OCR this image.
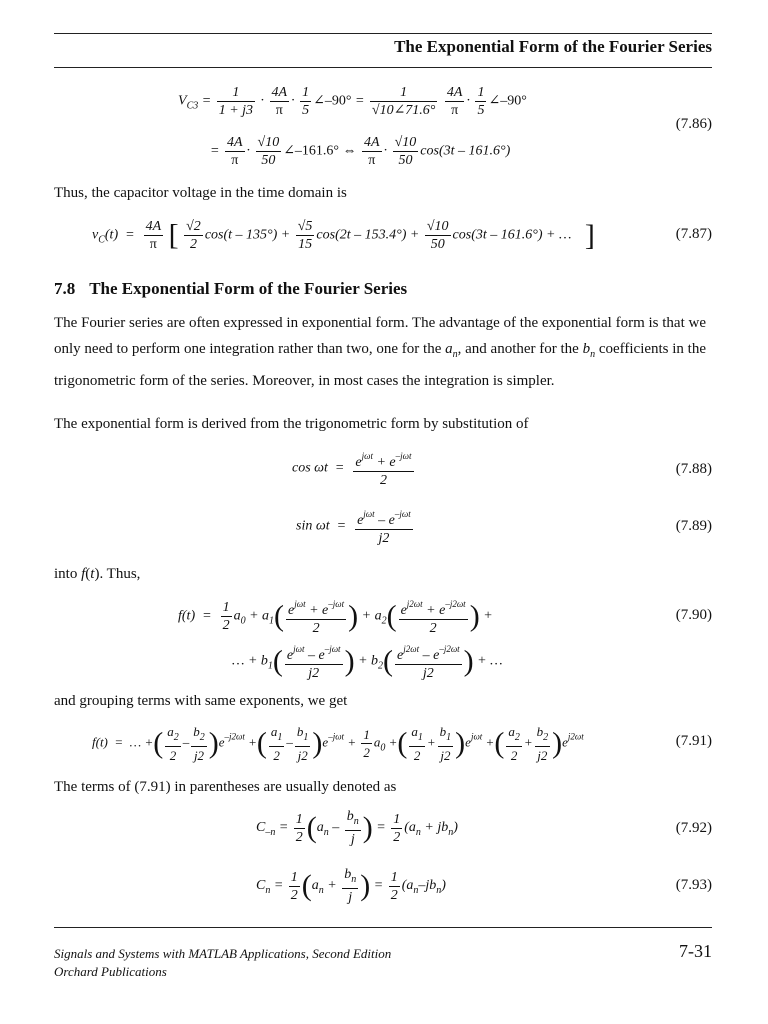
The Exponential Form of the Fourier Series
$V_{C3} = \frac{1}{1 + j3} \cdot \frac{4A}{\pi} \cdot \frac{1}{5}$ ∠–90° = $\frac{1}{√10\angle 71.6^\circ}$
$\frac{4A}{\pi} \cdot \frac{1}{5}$ ∠–90°
= $\frac{4A}{\pi} \cdot \frac{√10}{50}$ ∠–161.6° ⇔ $\frac{4A}{\pi} \cdot \frac{√10}{50} \cos(3t - 161.6^\circ)$
(7.86)
Thus, the capacitor voltage in the time domain is
$v_C(t) = \frac{4A}{\pi}$ [ $\frac{√2}{2} \cos(t - 135^\circ) + \frac{√5}{15} \cos(2t - 153.4^\circ) + \frac{√10}{50} \cos(3t - 161.6^\circ)$ + … ]	(7.87)
7.8 The Exponential Form of the Fourier Series
The Fourier series are often expressed in exponential form. The advantage of the exponential form is that we only need to perform one integration rather than two, one for the $a_n$, and another for the $b_n$ coefficients in the trigonometric form of the series. Moreover, in most cases the integration is simpler.
The exponential form is derived from the trigonometric form by substitution of
$\cos \omega t = e^{j\omega t} + e^{-j\omega t}$
2
(7.88)
$\sin \omega t = e^{j\omega t} - e^{-j\omega t}$
j2
(7.89)
into f(t). Thus,
$f(t) = \frac{1}{2} a_0 + a_1$( $e^{j\omega t} + e^{-j\omega t}$
2 ) + $a_2( \frac{e^{j2\omega t} + e^{-j2\omega t}}{2}$ ) +
… + $b_1$( $e^{j\omega t} - e^{-j\omega t}$
j2 ) + $b_2( \frac{e^{j2\omega t} - e^{-j2\omega t}}{j2}$ ) + …
(7.90)
and grouping terms with same exponents, we get
f(t)  =  … +( $\frac{a_2}{2} - \frac{b_2}{j2} )e^{-j2\omega t}$ +( $\frac{a_1}{2} - \frac{b_1}{j2} )e^{-j\omega t} + \frac{1}{2} a_0$ +( $\frac{a_1}{2} + \frac{b_1}{j2} )e^{j\omega t}$ +( $\frac{a_2}{2} + \frac{b_2}{j2} )e^{j2\omega t}$	(7.91)
The terms of (7.91) in parentheses are usually denoted as
$C_{-n} = \frac{1}{2} (a_n - \frac{b_n}{j}$ ) = $\frac{1}{2} (a_n + jb_n)$	(7.92)
$C_n = \frac{1}{2} (a_n + \frac{b_n}{j}$ ) = $\frac{1}{2} (a_n-jb_n)$	(7.93)
Signals and Systems with MATLAB Applications, Second Edition
Orchard Publications
7-31
